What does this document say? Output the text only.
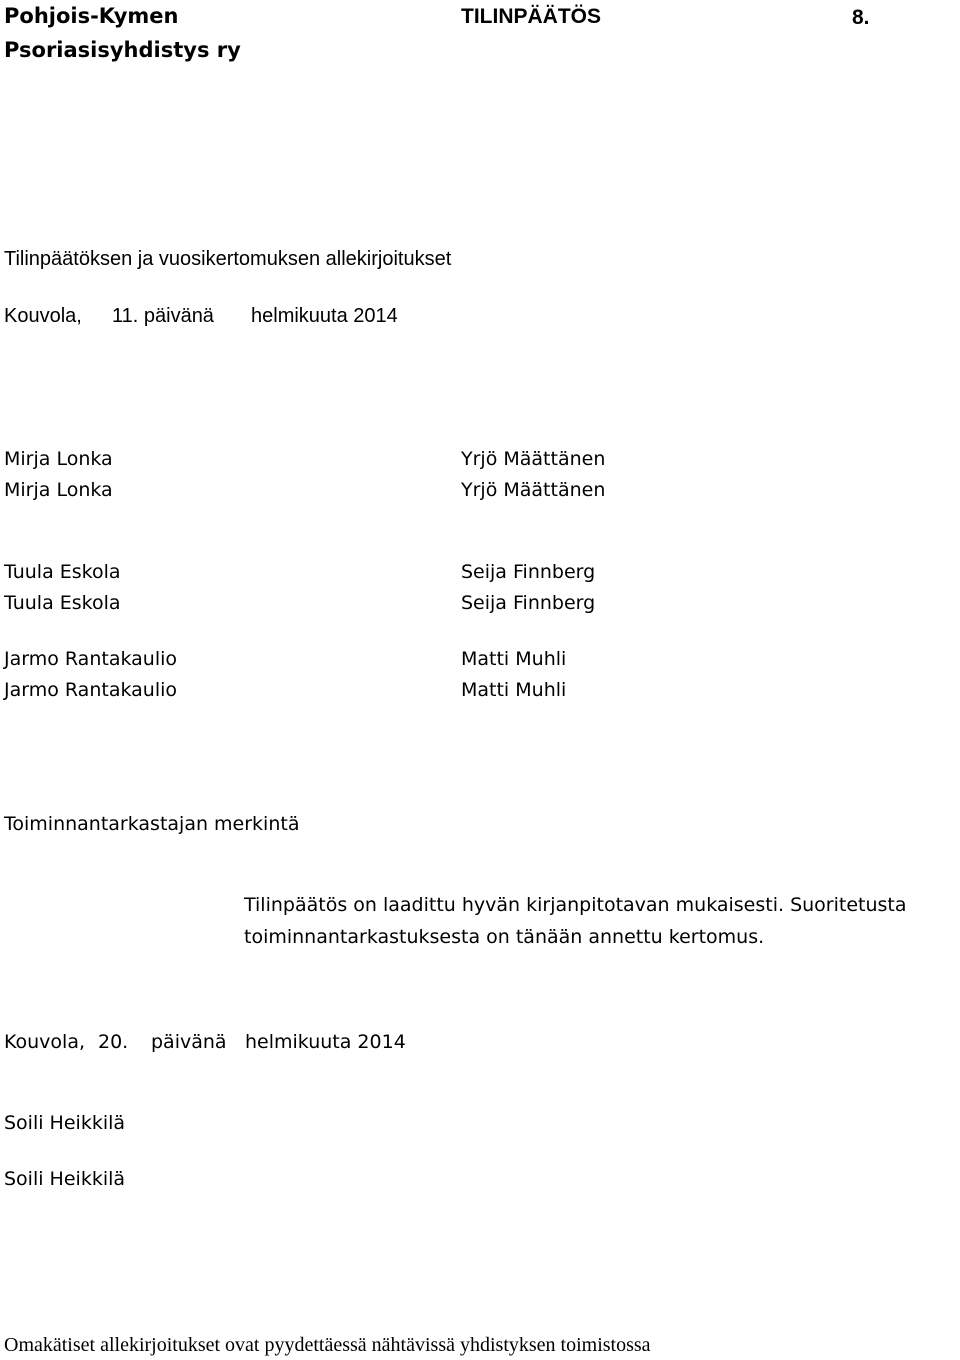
Pohjois-Kymen

Psoriasisyhdistys ry

TILINPÄÄTÖS	8.

Tilinpäätöksen ja vuosikertomuksen allekirjoitukset

Kouvola, 11. päivänä helmikuuta 2014

Mirja Lonka

Mirja Lonka

Tuula Eskola

Tuula Eskola

Jarmo Rantakaulio

Jarmo Rantakaulio

Yrjö Määttänen

Yrjö Määttänen

Seija Finnberg

Seija Finnberg

Matti Muhli

Matti Muhli

Toiminnantarkastajan merkintä

Tilinpäätös on laadittu hyvän kirjanpitotavan mukaisesti. Suoritetusta

toiminnantarkastuksesta on tänään annettu kertomus.

Kouvola, 20. päivänä helmikuuta 2014

Soili Heikkilä

Soili Heikkilä

Omakätiset allekirjoitukset ovat pyydettäessä nähtävissä yhdistyksen toimistossa
